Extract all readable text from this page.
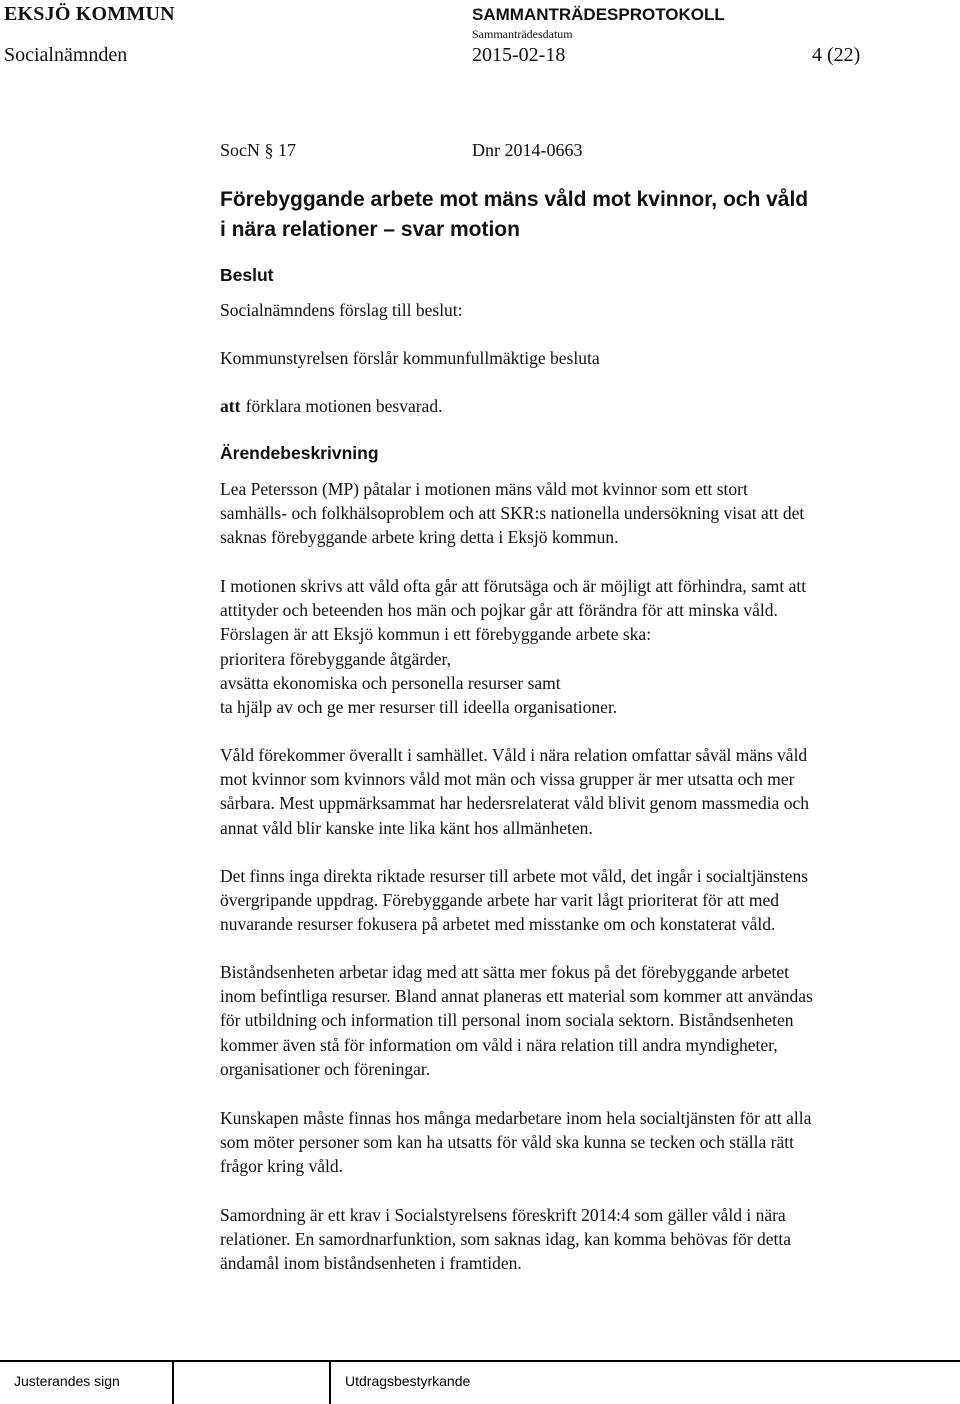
EKSJÖ KOMMUN	SAMMANTRÄDESPROTOKOLL
Sammanträdesdatum
Socialnämnden	2015-02-18	4 (22)
SocN § 17	Dnr 2014-0663
Förebyggande arbete mot mäns våld mot kvinnor, och våld
i nära relationer – svar motion
Beslut
Socialnämndens förslag till beslut:
Kommunstyrelsen förslår kommunfullmäktige besluta
att förklara motionen besvarad.
Ärendebeskrivning
Lea Petersson (MP) påtalar i motionen mäns våld mot kvinnor som ett stort
samhälls- och folkhälsoproblem och att SKR:s nationella undersökning visat att det
saknas förebyggande arbete kring detta i Eksjö kommun.
I motionen skrivs att våld ofta går att förutsäga och är möjligt att förhindra, samt att
attityder och beteenden hos män och pojkar går att förändra för att minska våld.
Förslagen är att Eksjö kommun i ett förebyggande arbete ska:
prioritera förebyggande åtgärder,
avsätta ekonomiska och personella resurser samt
ta hjälp av och ge mer resurser till ideella organisationer.
Våld förekommer överallt i samhället. Våld i nära relation omfattar såväl mäns våld
mot kvinnor som kvinnors våld mot män och vissa grupper är mer utsatta och mer
sårbara. Mest uppmärksammat har hedersrelaterat våld blivit genom massmedia och
annat våld blir kanske inte lika känt hos allmänheten.
Det finns inga direkta riktade resurser till arbete mot våld, det ingår i socialtjänstens
övergripande uppdrag. Förebyggande arbete har varit lågt prioriterat för att med
nuvarande resurser fokusera på arbetet med misstanke om och konstaterat våld.
Biståndsenheten arbetar idag med att sätta mer fokus på det förebyggande arbetet
inom befintliga resurser. Bland annat planeras ett material som kommer att användas
för utbildning och information till personal inom sociala sektorn. Biståndsenheten
kommer även stå för information om våld i nära relation till andra myndigheter,
organisationer och föreningar.
Kunskapen måste finnas hos många medarbetare inom hela socialtjänsten för att alla
som möter personer som kan ha utsatts för våld ska kunna se tecken och ställa rätt
frågor kring våld.
Samordning är ett krav i Socialstyrelsens föreskrift 2014:4 som gäller våld i nära
relationer. En samordnarfunktion, som saknas idag, kan komma behövas för detta
ändamål inom biståndsenheten i framtiden.
Justerandes sign	Utdragsbestyrkande
